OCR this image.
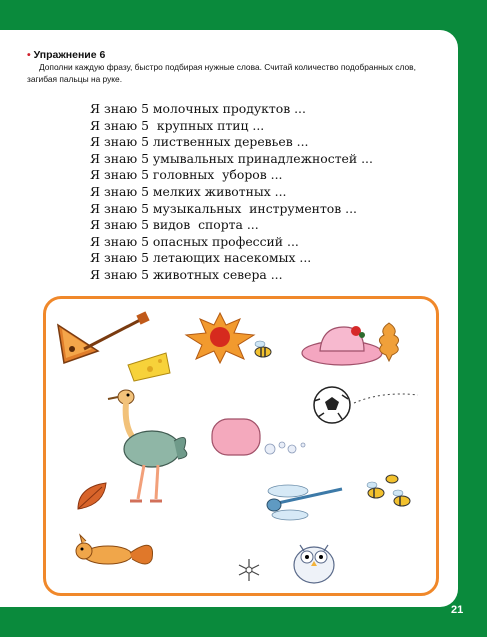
• Упражнение 6
Дополни каждую фразу, быстро подбирая нужные слова. Считай количество подобранных слов, загибая пальцы на руке.
Я знаю 5 молочных продуктов ...
Я знаю 5  крупных птиц ...
Я знаю 5 лиственных деревьев ...
Я знаю 5 умывальных принадлежностей ...
Я знаю 5 головных  уборов ...
Я знаю 5 мелких животных ...
Я знаю 5 музыкальных  инструментов ...
Я знаю 5 видов  спорта ...
Я знаю 5 опасных профессий ...
Я знаю 5 летающих насекомых ...
Я знаю 5 животных севера ...
21
